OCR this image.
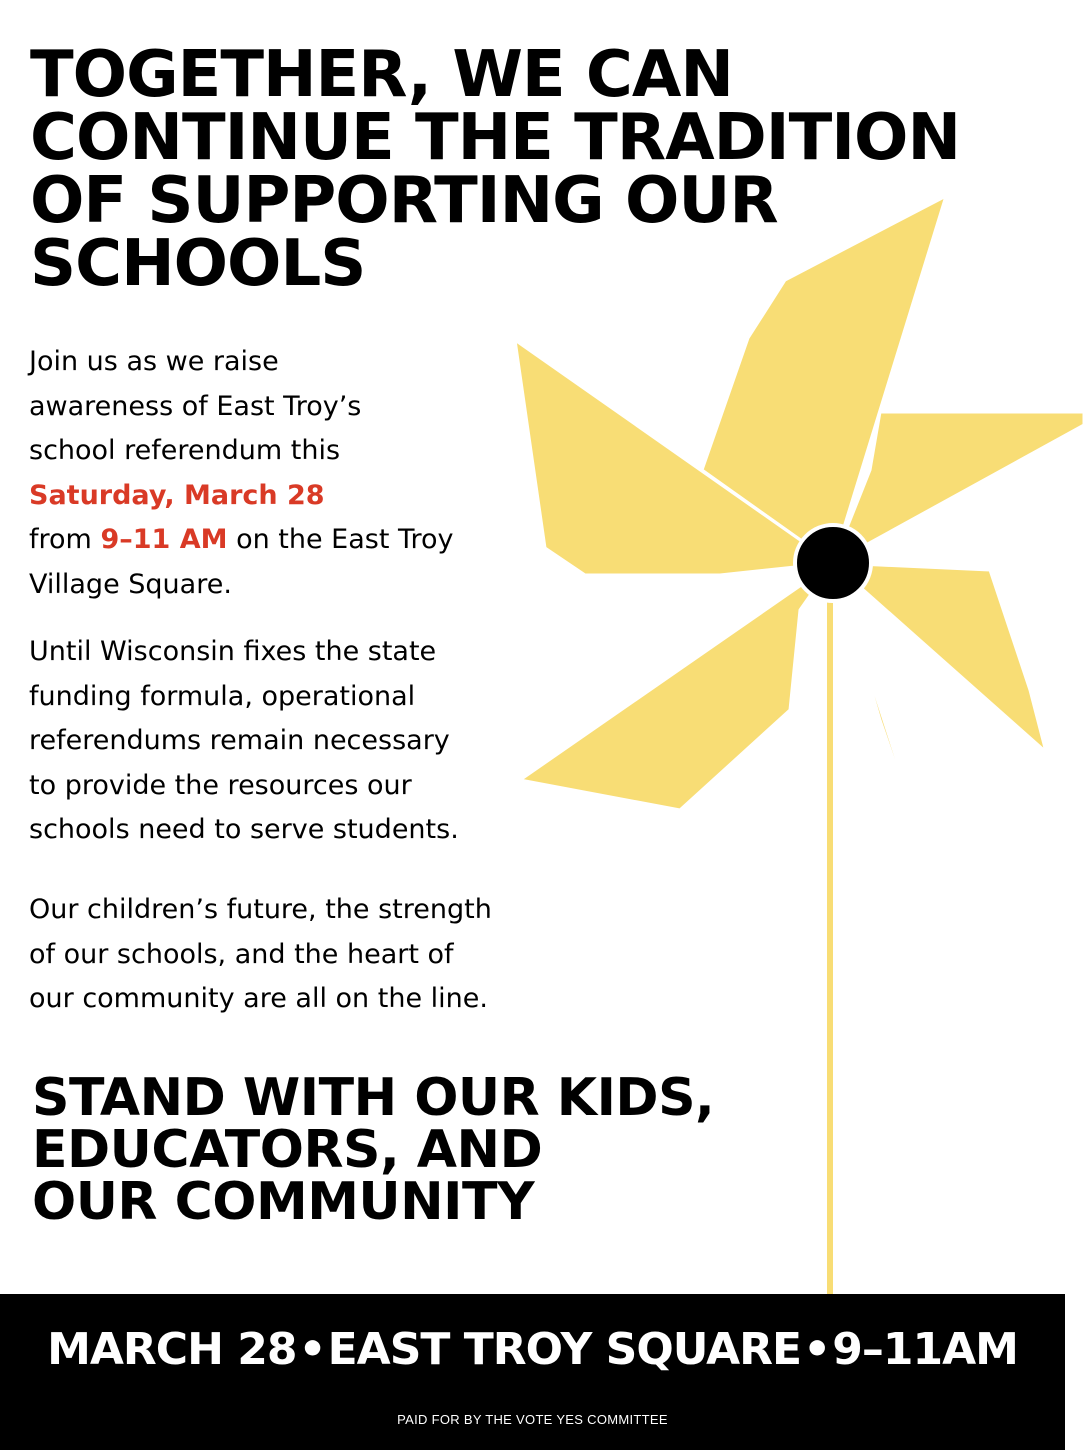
TOGETHER, WE CAN
CONTINUE THE TRADITION
OF SUPPORTING OUR
SCHOOLS

Join us as we raise
awareness of East Troy’s
school referendum this
Saturday, March 28
from 9–11 AM on the East Troy
Village Square.

Until Wisconsin fixes the state
funding formula, operational
referendums remain necessary
to provide the resources our
schools need to serve students.

Our children’s future, the strength
of our schools, and the heart of
our community are all on the line.

STAND WITH OUR KIDS,
EDUCATORS, AND
OUR COMMUNITY
MARCH 28•EAST TROY SQUARE•9–11AM
PAID FOR BY THE VOTE YES COMMITTEE
